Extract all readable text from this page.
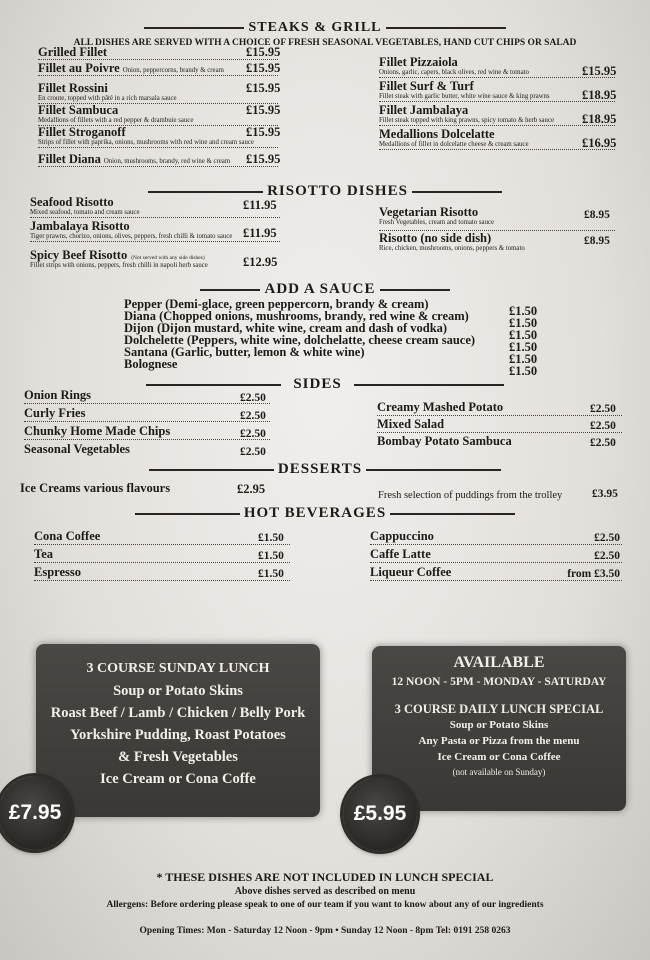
STEAKS & GRILL
ALL DISHES ARE SERVED WITH A CHOICE OF FRESH SEASONAL VEGETABLES, HAND CUT CHIPS OR SALAD
Grilled Fillet	£15.95
Fillet au Poivre Onion, peppercorns, brandy & cream £15.95
Fillet Rossini
En croute, topped with pâté in a rich marsala sauce
£15.95
Fillet Sambuca
Medallions of fillets with a red pepper & drambuie sauce
£15.95
Fillet Stroganoff
Strips of fillet with paprika, onions, mushrooms with red wine and cream sauce
£15.95
Fillet Diana Onion, mushrooms, brandy, red wine & cream £15.95
Fillet Pizzaiola
Onions, garlic, capers, black olives, red wine & tomato	£15.95
Fillet Surf & Turf
Fillet steak with garlic butter, white wine sauce & king prawns	£18.95
Fillet Jambalaya
Fillet steak topped with king prawns, spicy tomato & herb sauce £18.95
Medallions Dolcelatte
Medallions of fillet in dolcelatte cheese & cream sauce	£16.95
RISOTTO DISHES
Seafood Risotto
Mixed seafood, tomato and cream sauce
£11.95
Jambalaya Risotto
Tiger prawns, chorizo, onions, olives, peppers, fresh chilli & tomato sauce £11.95
Spicy Beef Risotto (Not served with any side dishes)
Fillet strips with onions, peppers, fresh chilli in napoli herb sauce	£12.95
Vegetarian Risotto
Fresh Vegetables, cream and tomato sauce
£8.95
Risotto (no side dish)
Rice, chicken, mushrooms, onions, peppers & tomato
£8.95
ADD A SAUCE
Pepper (Demi-glace, green peppercorn, brandy & cream)	£1.50
Diana (Chopped onions, mushrooms, brandy, red wine & cream)	£1.50
Dijon (Dijon mustard, white wine, cream and dash of vodka)	£1.50
Dolchelette (Peppers, white wine, dolchelatte, cheese cream sauce)	£1.50
Santana (Garlic, butter, lemon & white wine)	£1.50
Bolognese	£1.50
SIDES
Onion Rings	£2.50
Curly Fries	£2.50
Chunky Home Made Chips	£2.50
Seasonal Vegetables	£2.50
Creamy Mashed Potato	£2.50
Mixed Salad	£2.50
Bombay Potato Sambuca	£2.50
DESSERTS
Ice Creams various flavours	£2.95	Fresh selection of puddings from the trolley	£3.95
HOT BEVERAGES
Cona Coffee	£1.50
Tea	£1.50
Espresso	£1.50
Cappuccino	£2.50
Caffe Latte	£2.50
Liqueur Coffee	from £3.50
3 COURSE SUNDAY LUNCH
Soup or Potato Skins
Roast Beef / Lamb / Chicken / Belly Pork
Yorkshire Pudding, Roast Potatoes
& Fresh Vegetables
Ice Cream or Cona Coffe
£7.95
AVAILABLE
12 NOON - 5PM - MONDAY - SATURDAY
3 COURSE DAILY LUNCH SPECIAL
Soup or Potato Skins
Any Pasta or Pizza from the menu
Ice Cream or Cona Coffee
(not available on Sunday)
£5.95
* THESE DISHES ARE NOT INCLUDED IN LUNCH SPECIAL
Above dishes served as described on menu
Allergens: Before ordering please speak to one of our team if you want to know about any of our ingredients
Opening Times: Mon - Saturday 12 Noon - 9pm • Sunday 12 Noon - 8pm Tel: 0191 258 0263
